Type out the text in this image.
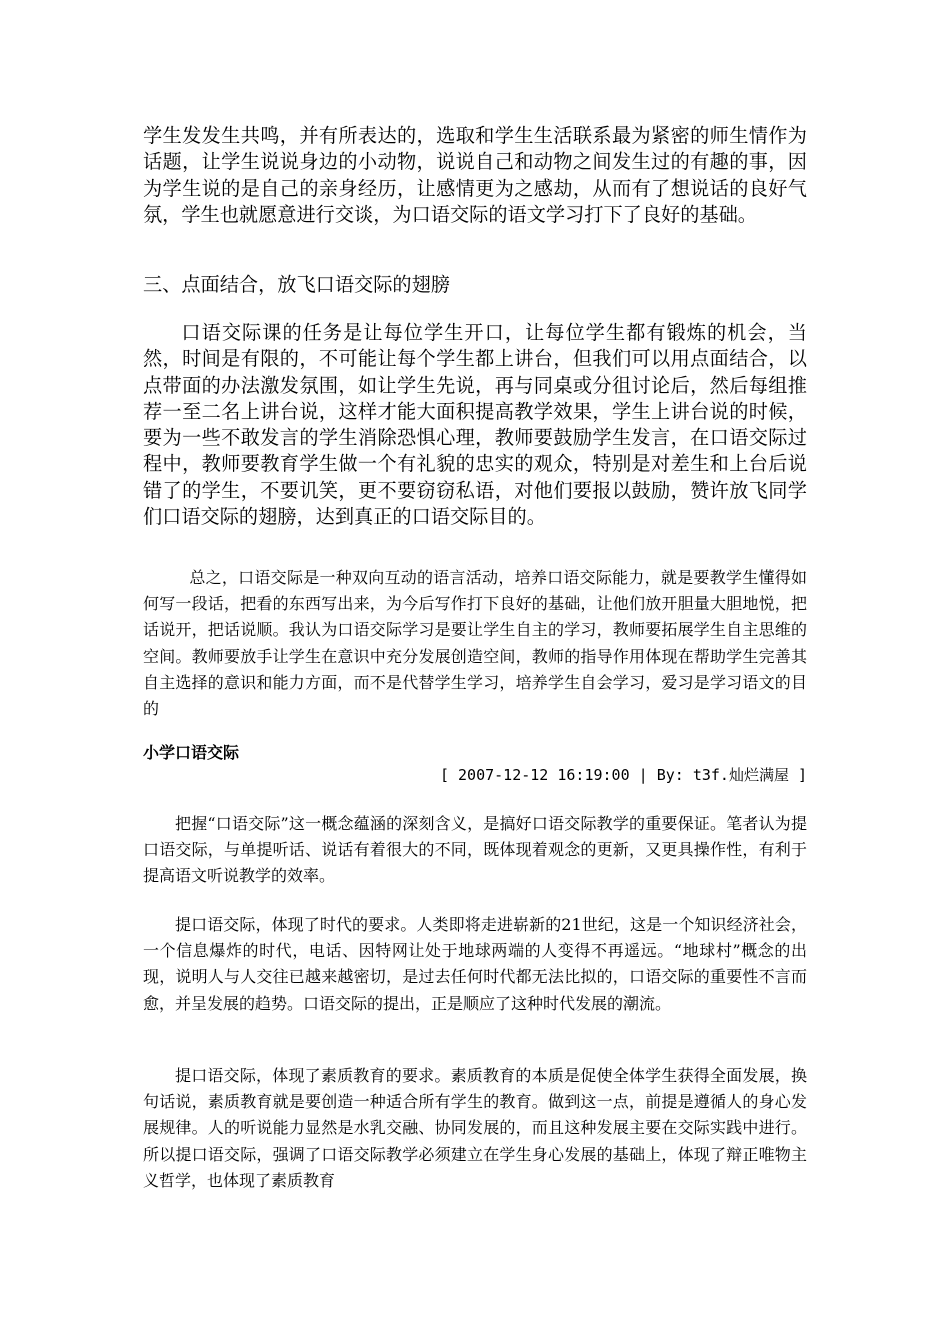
学生发发生共鸣，并有所表达的，选取和学生生活联系最为紧密的师生情作为话题，让学生说说身边的小动物，说说自己和动物之间发生过的有趣的事，因为学生说的是自己的亲身经历，让感情更为之感劫，从而有了想说话的良好气氛，学生也就愿意进行交谈，为口语交际的语文学习打下了良好的基础。

三、点面结合，放飞口语交际的翅膀

口语交际课的任务是让每位学生开口，让每位学生都有锻炼的机会，当然，时间是有限的，不可能让每个学生都上讲台，但我们可以用点面结合，以点带面的办法激发氛围，如让学生先说，再与同桌或分徂讨论后，然后每组推荐一至二名上讲台说，这样才能大面积提高教学效果，学生上讲台说的时候，要为一些不敢发言的学生消除恐惧心理，教师要鼓励学生发言，在口语交际过程中，教师要教育学生做一个有礼貌的忠实的观众，特别是对差生和上台后说错了的学生，不要讥笑，更不要窃窃私语，对他们要报以鼓励，赞许放飞同学们口语交际的翅膀，达到真正的口语交际目的。

总之，口语交际是一种双向互动的语言活动，培养口语交际能力，就是要教学生懂得如何写一段话，把看的东西写出来，为今后写作打下良好的基础，让他们放开胆量大胆地悦，把话说开，把话说顺。我认为口语交际学习是要让学生自主的学习，教师要拓展学生自主思维的空间。教师要放手让学生在意识中充分发展创造空间，教师的指导作用体现在帮助学生完善其自主选择的意识和能力方面，而不是代替学生学习，培养学生自会学习，爱习是学习语文的目的

小学口语交际
[ 2007-12-12 16:19:00 | By: t3f.灿烂满屋 ]

把握“口语交际”这一概念蕴涵的深刻含义，是搞好口语交际教学的重要保证。笔者认为提口语交际，与单提听话、说话有着很大的不同，既体现着观念的更新，又更具操作性，有利于提高语文听说教学的效率。

提口语交际，体现了时代的要求。人类即将走进崭新的21世纪，这是一个知识经济社会，一个信息爆炸的时代，电话、因特网让处于地球两端的人变得不再遥远。“地球村”概念的出现，说明人与人交往已越来越密切，是过去任何时代都无法比拟的，口语交际的重要性不言而愈，并呈发展的趋势。口语交际的提出，正是顺应了这种时代发展的潮流。

提口语交际，体现了素质教育的要求。素质教育的本质是促使全体学生获得全面发展，换句话说，素质教育就是要创造一种适合所有学生的教育。做到这一点，前提是遵循人的身心发展规律。人的听说能力显然是水乳交融、协同发展的，而且这种发展主要在交际实践中进行。所以提口语交际，强调了口语交际教学必须建立在学生身心发展的基础上，体现了辩正唯物主义哲学，也体现了素质教育
